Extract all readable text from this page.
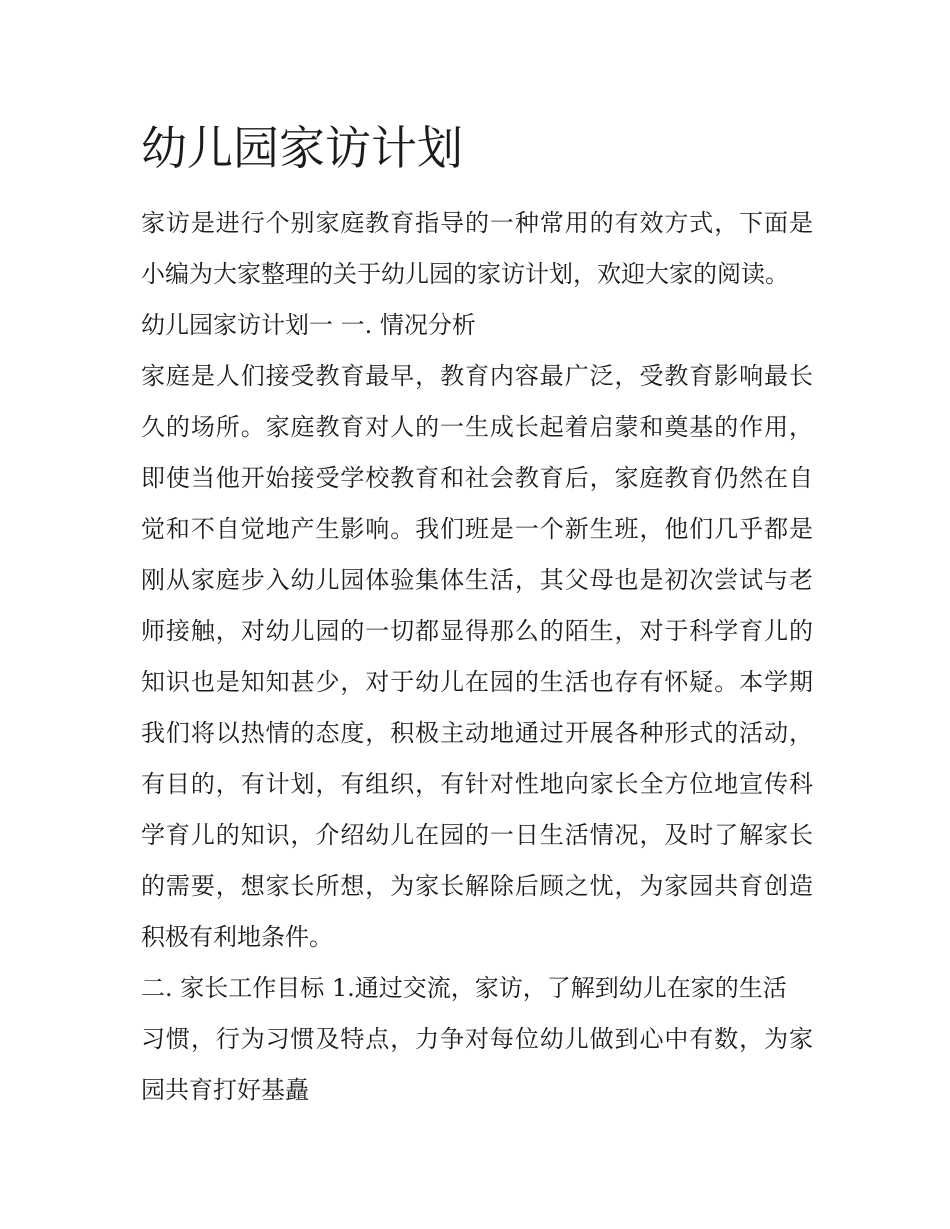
幼儿园家访计划

家访是进行个别家庭教育指导的一种常用的有效方式，下面是
小编为大家整理的关于幼儿园的家访计划，欢迎大家的阅读。

幼儿园家访计划一 一. 情况分析

家庭是人们接受教育最早，教育内容最广泛，受教育影响最长
久的场所。家庭教育对人的一生成长起着启蒙和奠基的作用，
即使当他开始接受学校教育和社会教育后，家庭教育仍然在自
觉和不自觉地产生影响。我们班是一个新生班，他们几乎都是
刚从家庭步入幼儿园体验集体生活，其父母也是初次尝试与老
师接触，对幼儿园的一切都显得那么的陌生，对于科学育儿的
知识也是知知甚少，对于幼儿在园的生活也存有怀疑。本学期
我们将以热情的态度，积极主动地通过开展各种形式的活动，
有目的，有计划，有组织，有针对性地向家长全方位地宣传科
学育儿的知识，介绍幼儿在园的一日生活情况，及时了解家长
的需要，想家长所想，为家长解除后顾之忧，为家园共育创造
积极有利地条件。

二. 家长工作目标 1.通过交流，家访，了解到幼儿在家的生活
习惯，行为习惯及特点，力争对每位幼儿做到心中有数，为家
园共育打好基矗
